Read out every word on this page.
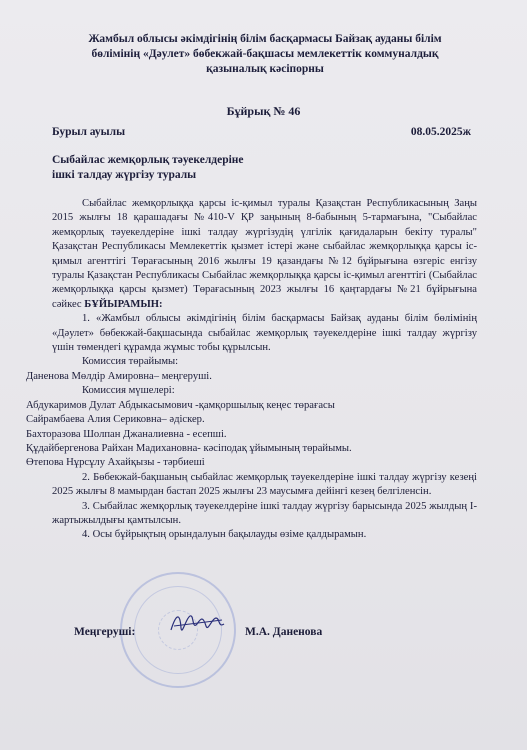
Жамбыл облысы әкімдігінің білім басқармасы Байзақ ауданы білім
бөлімінің «Дәулет» бөбекжай-бақшасы мемлекеттік коммуналдық
қазыналық кәсіпорны
Бұйрық № 46
Бурыл ауылы	08.05.2025ж
Сыбайлас жемқорлық тәуекелдеріне
ішкі талдау жүргізу туралы

Сыбайлас жемқорлыққа қарсы іс-қимыл туралы Қазақстан Республикасының Заңы 2015 жылғы 18 қарашадағы №410-V ҚР заңының 8-бабының 5-тармағына, "Сыбайлас жемқорлық тәуекелдеріне ішкі талдау жүргізудің үлгілік қағидаларын бекіту туралы" Қазақстан Республикасы Мемлекеттік қызмет істері және сыбайлас жемқорлыққа қарсы іс-қимыл агенттігі Төрағасының 2016 жылғы 19 қазандағы №12 бұйрығына өзгеріс енгізу туралы Қазақстан Республикасы Сыбайлас жемқорлыққа қарсы іс-қимыл агенттігі (Сыбайлас жемқорлыққа қарсы қызмет) Төрағасының 2023 жылғы 16 қаңтардағы №21 бұйрығына сәйкес БҰЙЫРАМЫН:

1. «Жамбыл облысы әкімдігінің білім басқармасы Байзақ ауданы білім бөлімінің «Дәулет» бөбекжай-бақшасында сыбайлас жемқорлық тәуекелдеріне ішкі талдау жүргізу үшін төмендегі құрамда жұмыс тобы құрылсын.

Комиссия төрайымы:

Даненова Мөлдір Амировна– меңгеруші.

Комиссия мүшелері:

Абдукаримов Дулат Абдыкасымович -қамқоршылық кеңес төрағасы

Сайрамбаева Алия Сериковна– әдіскер.

Бахторазова Шолпан Джаналиевна - есепші.

Құдайбергенова Райхан Мадихановна- кәсіподақ ұйымының төрайымы.

Өтепова Нұрсұлу Ахайқызы - тәрбиеші

2. Бөбекжай-бақшаның сыбайлас жемқорлық тәуекелдеріне ішкі талдау жүргізу кезеңі 2025 жылғы 8 мамырдан бастап 2025 жылғы 23 маусымға дейінгі кезең белгіленсін.

3. Сыбайлас жемқорлық тәуекелдеріне ішкі талдау жүргізу барысында 2025 жылдың I-жартыжылдығы қамтылсын.

4. Осы бұйрықтың орындалуын бақылауды өзіме қалдырамын.

Меңгеруші:	М.А. Даненова
